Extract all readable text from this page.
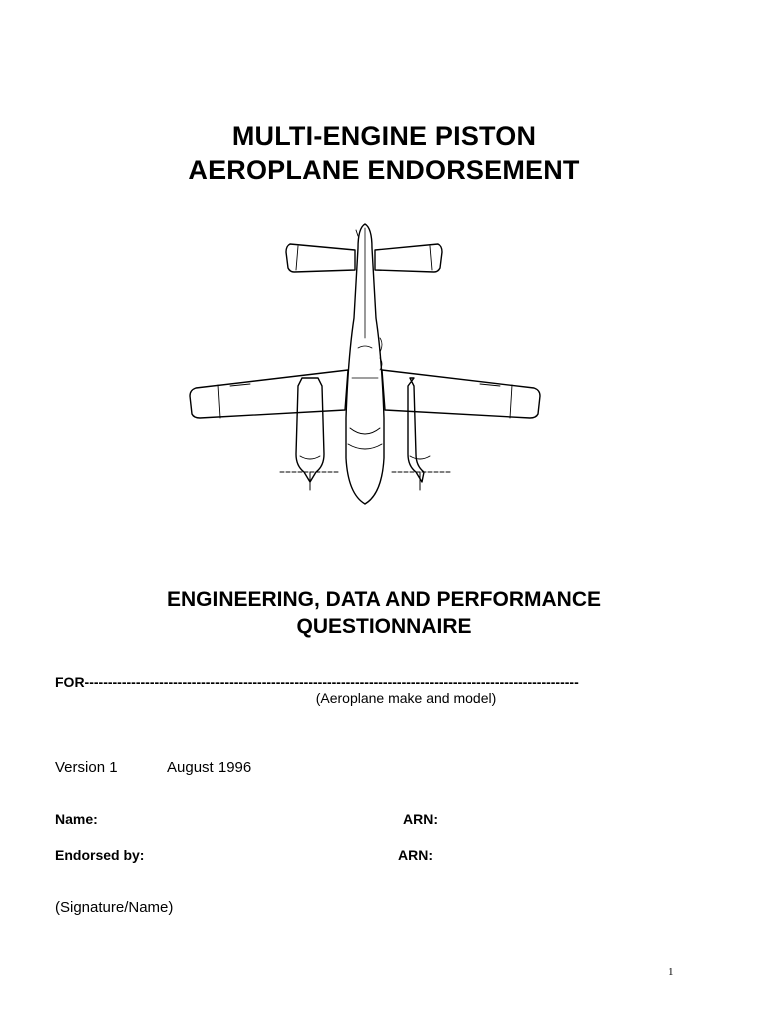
MULTI-ENGINE PISTON
AEROPLANE ENDORSEMENT
ENGINEERING, DATA AND PERFORMANCE
QUESTIONNAIRE
FOR----------------------------------------------------------------------------------------------------------
(Aeroplane make and model)
Version 1	August 1996
Name:	ARN:
Endorsed by:	ARN:
(Signature/Name)
1
